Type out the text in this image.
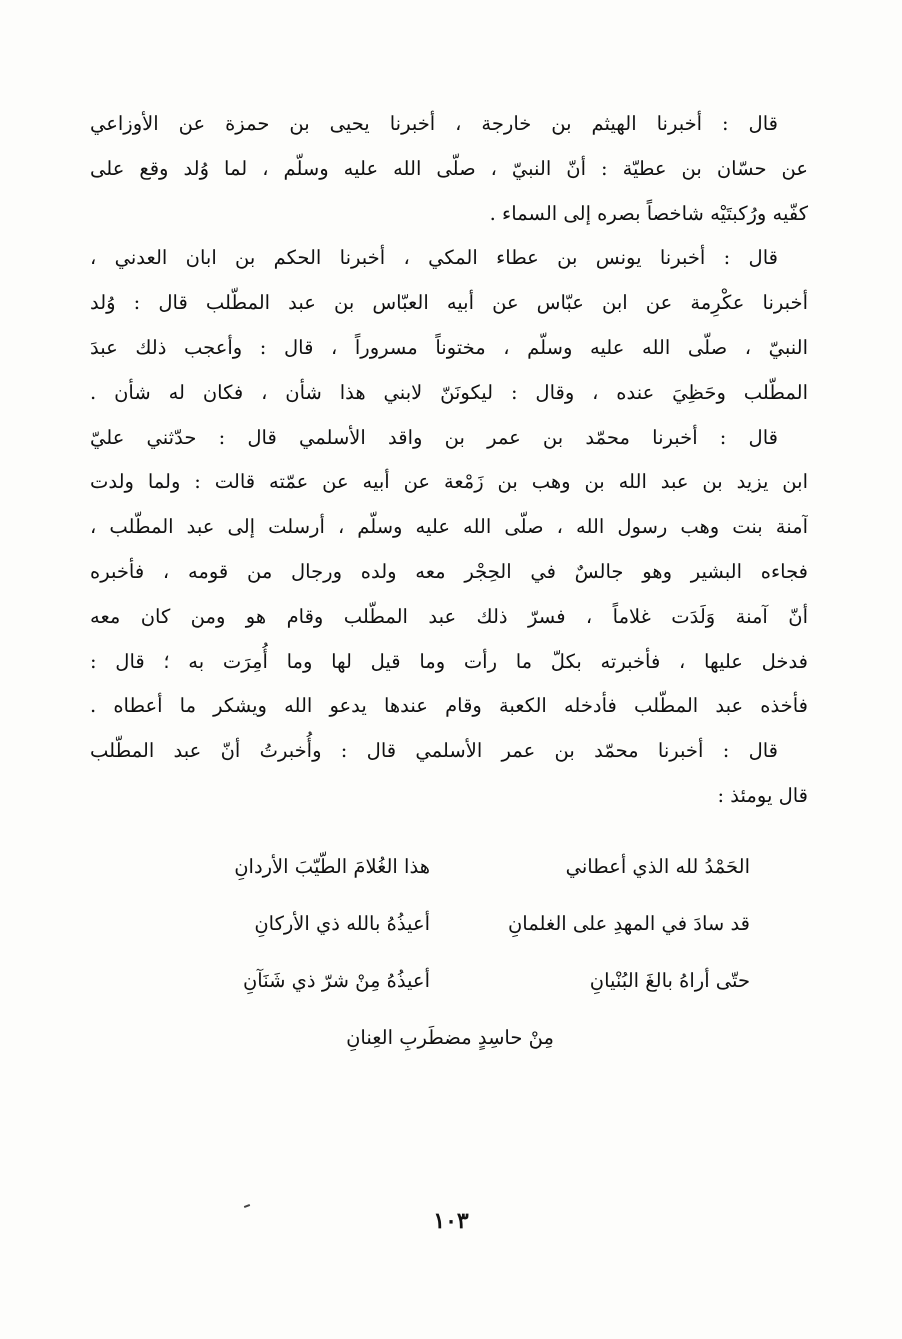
قال : أخبرنا الهيثم بن خارجة ، أخبرنا يحيى بن حمزة عن الأوزاعي
عن حسّان بن عطيّة : أنّ النبيّ ، صلّى الله عليه وسلّم ، لما وُلد وقع على
كفّيه ورُكبتَيْه شاخصاً بصره إلى السماء .
قال : أخبرنا يونس بن عطاء المكي ، أخبرنا الحكم بن ابان العدني ،
أخبرنا عكْرِمة عن ابن عبّاس عن أبيه العبّاس بن عبد المطّلب قال : وُلد
النبيّ ، صلّى الله عليه وسلّم ، مختوناً مسروراً ، قال : وأعجب ذلك عبدَ
المطّلب وحَظِيَ عنده ، وقال : ليكونَنّ لابني هذا شأن ، فكان له شأن .
قال : أخبرنا محمّد بن عمر بن واقد الأسلمي قال : حدّثني عليّ
ابن يزيد بن عبد الله بن وهب بن زَمْعة عن أبيه عن عمّته قالت : ولما ولدت
آمنة بنت وهب رسول الله ، صلّى الله عليه وسلّم ، أرسلت إلى عبد المطّلب ،
فجاءه البشير وهو جالسٌ في الحِجْر معه ولده ورجال من قومه ، فأخبره
أنّ آمنة وَلَدَت غلاماً ، فسرّ ذلك عبد المطّلب وقام هو ومن كان معه
فدخل عليها ، فأخبرته بكلّ ما رأت وما قيل لها وما أُمِرَت به ؛ قال :
فأخذه عبد المطّلب فأدخله الكعبة وقام عندها يدعو الله ويشكر ما أعطاه .
قال : أخبرنا محمّد بن عمر الأسلمي قال : وأُخبرتُ أنّ عبد المطّلب
قال يومئذ :
الحَمْدُ لله الذي أعطاني
هذا الغُلامَ الطّيّبَ الأردانِ
قد سادَ في المهدِ على الغلمانِ
أعيذُهُ بالله ذي الأركانِ
حتّى أراهُ بالغَ البُنْيانِ
أعيذُهُ مِنْ شرّ ذي شَنَآنِ
مِنْ حاسِدٍ مضطَربِ العِنانِ
١٠٣
